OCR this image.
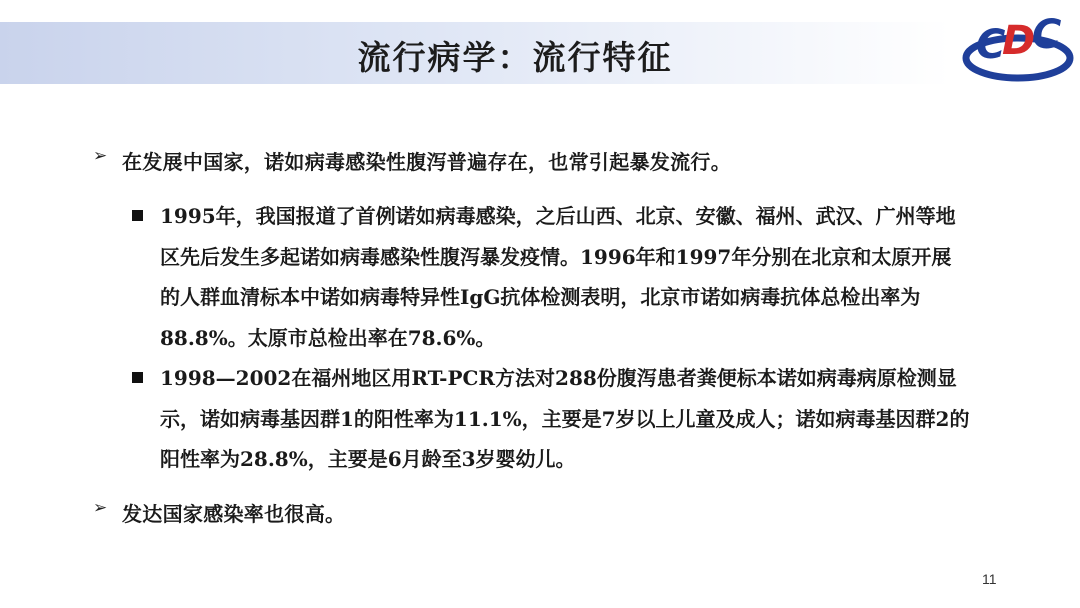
流行病学：流行特征	C
D
C
➢ 在发展中国家，诺如病毒感染性腹泻普遍存在，也常引起暴发流行。
1995年，我国报道了首例诺如病毒感染，之后山西、北京、安徽、福州、武汉、广州等地区先后发生多起诺如病毒感染性腹泻暴发疫情。1996年和1997年分别在北京和太原开展的人群血清标本中诺如病毒特异性IgG抗体检测表明，北京市诺如病毒抗体总检出率为88.8%。太原市总检出率在78.6%。
1998—2002在福州地区用RT-PCR方法对288份腹泻患者粪便标本诺如病毒病原检测显示，诺如病毒基因群1的阳性率为11.1%，主要是7岁以上儿童及成人；诺如病毒基因群2的阳性率为28.8%，主要是6月龄至3岁婴幼儿。
➢ 发达国家感染率也很高。
11
